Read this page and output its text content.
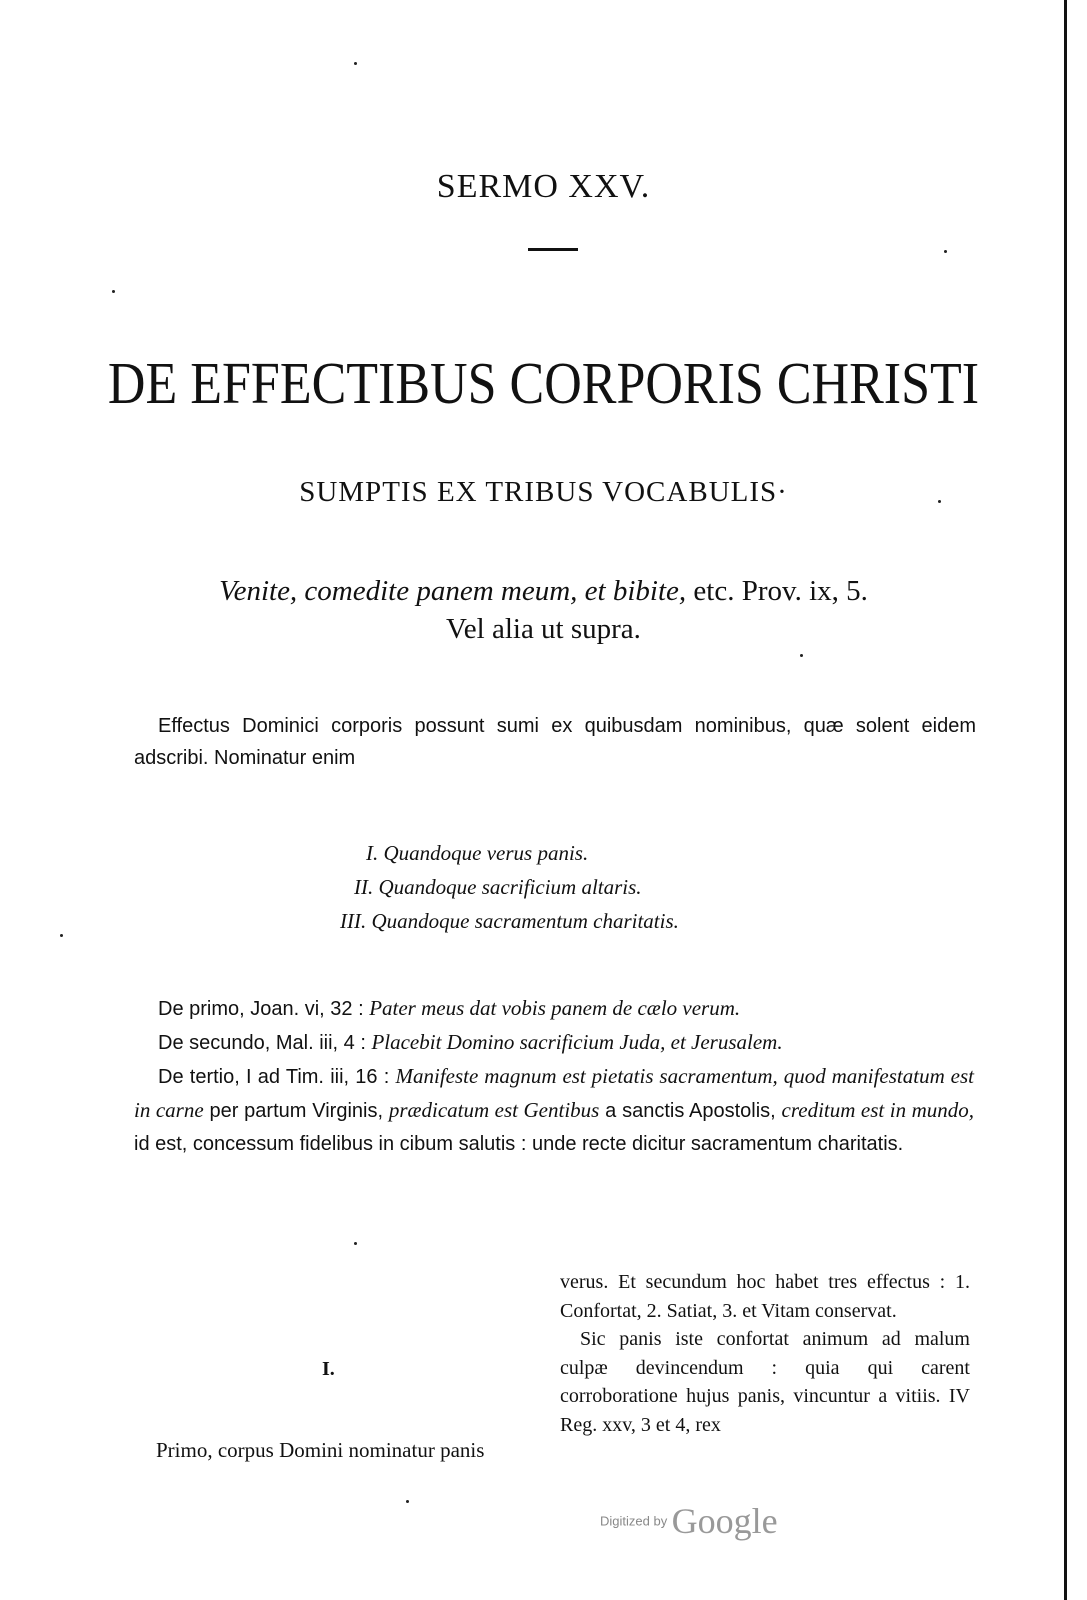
SERMO XXV.
DE EFFECTIBUS CORPORIS CHRISTI
SUMPTIS EX TRIBUS VOCABULIS·
Venite, comedite panem meum, et bibite, etc. Prov. ix, 5.
Vel alia ut supra.
Effectus Dominici corporis possunt sumi ex quibusdam nominibus, quæ solent eidem adscribi. Nominatur enim
I. Quandoque verus panis.
II. Quandoque sacrificium altaris.
III. Quandoque sacramentum charitatis.
De primo, Joan. vi, 32 : Pater meus dat vobis panem de cælo verum.
De secundo, Mal. iii, 4 : Placebit Domino sacrificium Juda, et Jerusalem.
De tertio, I ad Tim. iii, 16 : Manifeste magnum est pietatis sacramentum, quod manifestatum est in carne per partum Virginis, prædicatum est Gentibus a sanctis Apostolis, creditum est in mundo, id est, concessum fidelibus in cibum salutis : unde recte dicitur sacramentum charitatis.
I.
Primo, corpus Domini nominatur panis

verus. Et secundum hoc habet tres effectus : 1. Confortat, 2. Satiat, 3. et Vitam conservat.

Sic panis iste confortat animum ad malum culpæ devincendum : quia qui carent corroboratione hujus panis, vincuntur a vitiis. IV Reg. xxv, 3 et 4, rex

Digitized by Google
